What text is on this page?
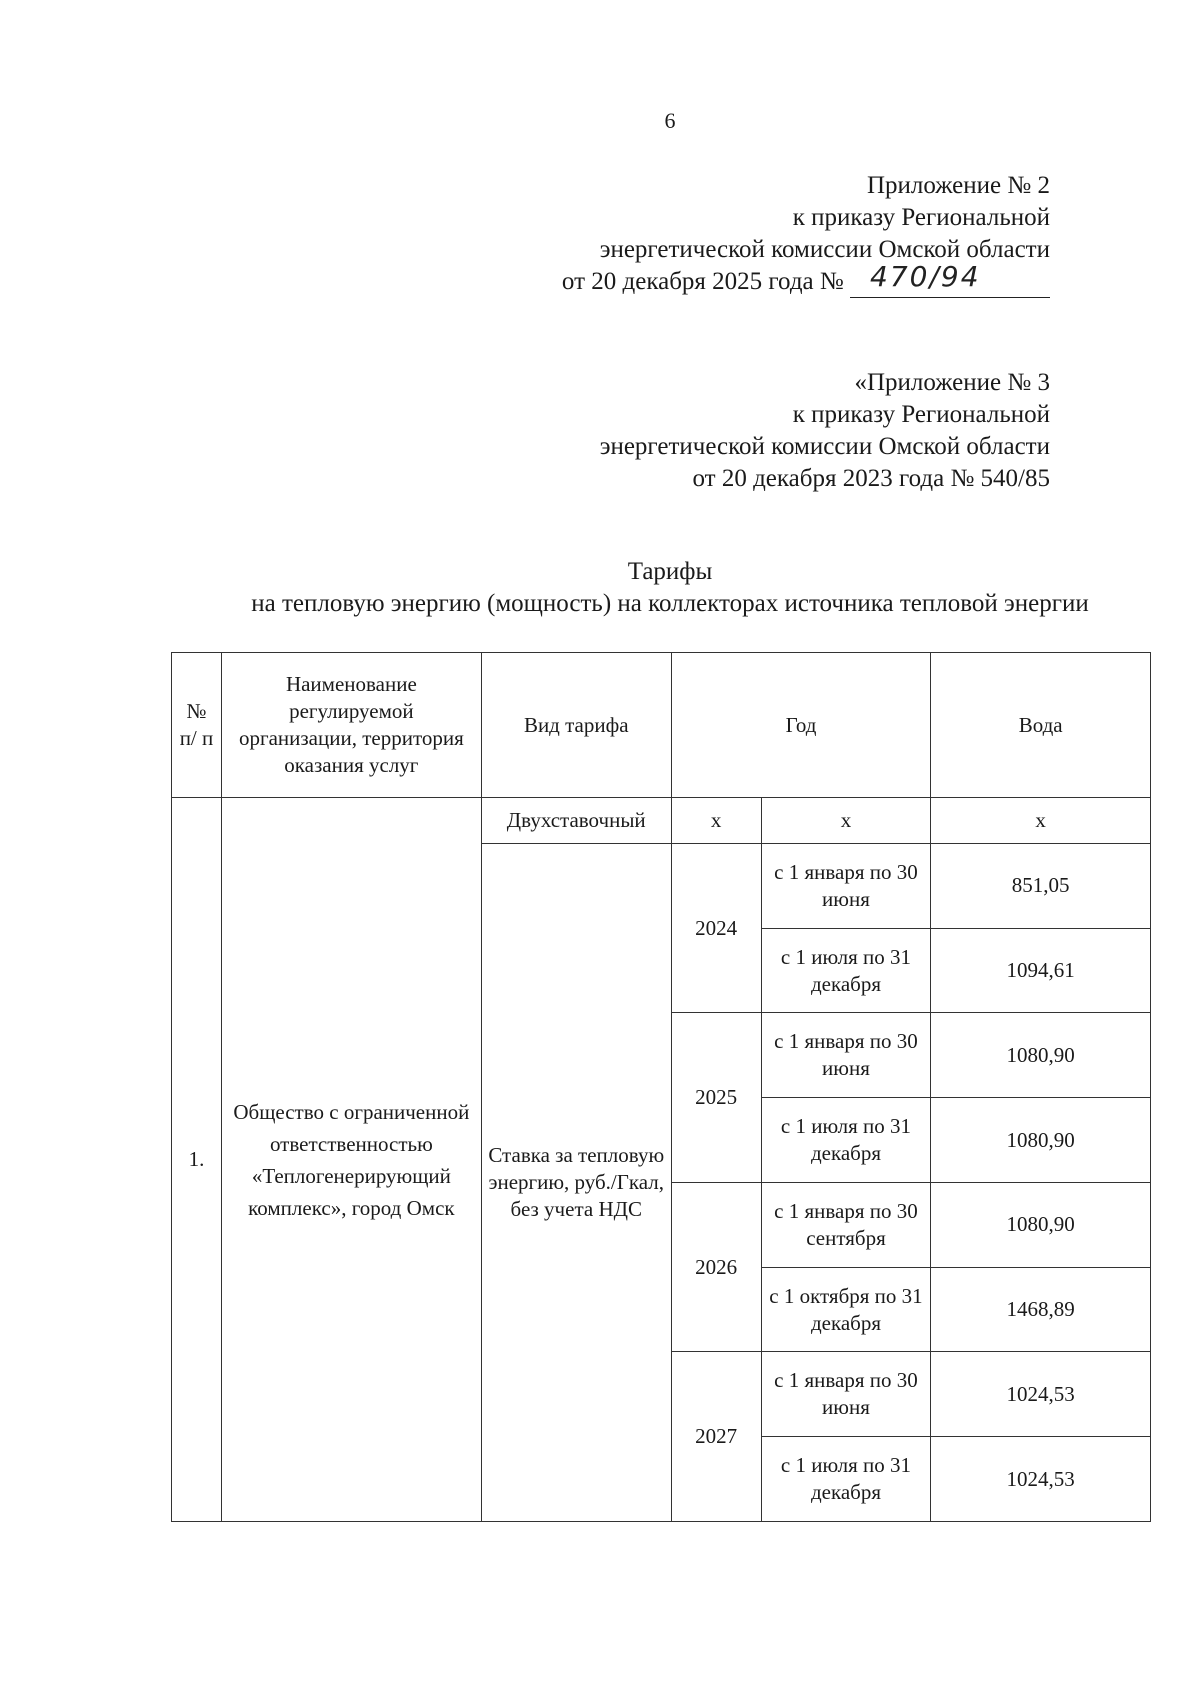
6
Приложение № 2
к приказу Региональной
энергетической комиссии Омской области
от 20 декабря 2025 года № 470/94
«Приложение № 3
к приказу Региональной
энергетической комиссии Омской области
от 20 декабря 2023 года № 540/85
Тарифы
на тепловую энергию (мощность) на коллекторах источника тепловой энергии
№ п/ п	Наименование регулируемой организации, территория оказания услуг	Вид тарифа	Год		Вода
1.	Общество с ограниченной ответственностью «Теплогенерирующий комплекс», город Омск	Двухставочный	х	х	х

		Ставка за тепловую энергию, руб./Гкал, без учета НДС	2024	с 1 января по 30 июня	851,05
				с 1 июля по 31 декабря	1094,61
			2025	с 1 января по 30 июня	1080,90
				с 1 июля по 31 декабря	1080,90
			2026	с 1 января по 30 сентября	1080,90
				с 1 октября по 31 декабря	1468,89
			2027	с 1 января по 30 июня	1024,53
				с 1 июля по 31 декабря	1024,53
